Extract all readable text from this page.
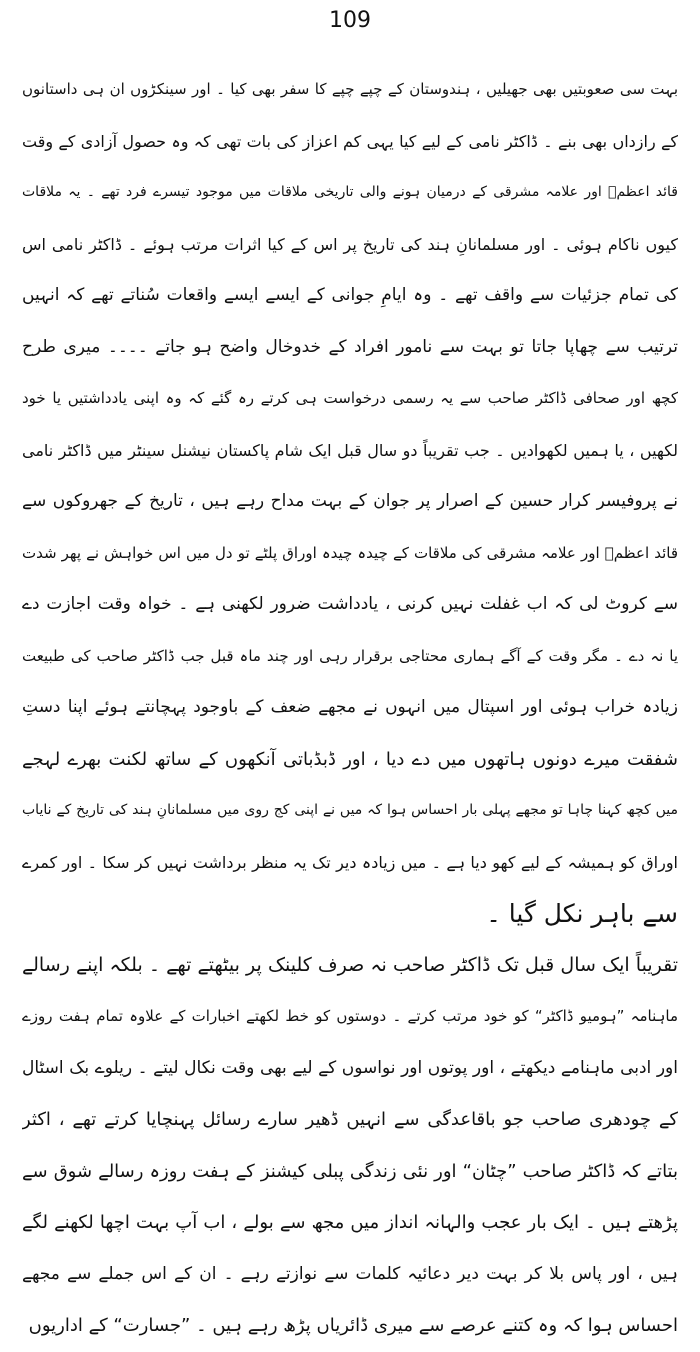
109
بہت سی صعوبتیں بھی جھیلیں ، ہندوستان کے چپے چپے کا سفر بھی کیا ۔ اور سینکڑوں ان ہی داستانوں
کے رازداں بھی بنے ۔ ڈاکٹر نامی کے لیے کیا یہی کم اعزاز کی بات تھی کہ وہ حصول آزادی کے وقت
قائد اعظمؒ اور علامہ مشرقی کے درمیان ہونے والی تاریخی ملاقات میں موجود تیسرے فرد تھے ۔ یہ ملاقات
کیوں ناکام ہوئی ۔ اور مسلمانانِ ہند کی تاریخ پر اس کے کیا اثرات مرتب ہوئے ۔ ڈاکٹر نامی اس
کی تمام جزئیات سے واقف تھے ۔ وہ ایامِ جوانی کے ایسے ایسے واقعات سُناتے تھے کہ انہیں
ترتیب سے چھاپا جاتا تو بہت سے نامور افراد کے خدوخال واضح ہو جاتے ۔۔۔۔ میری طرح
کچھ اور صحافی ڈاکٹر صاحب سے یہ رسمی درخواست ہی کرتے رہ گئے کہ وہ اپنی یادداشتیں یا خود
لکھیں ، یا ہمیں لکھوادیں ۔ جب تقریباً دو سال قبل ایک شام پاکستان نیشنل سینٹر میں ڈاکٹر نامی
نے پروفیسر کرار حسین کے اصرار پر جوان کے بہت مداح رہے ہیں ، تاریخ کے جھروکوں سے
قائد اعظمؒ اور علامہ مشرقی کی ملاقات کے چیدہ چیدہ اوراق پلٹے تو دل میں اس خواہش نے پھر شدت
سے کروٹ لی کہ اب غفلت نہیں کرنی ، یادداشت ضرور لکھنی ہے ۔ خواہ وقت اجازت دے
یا نہ دے ۔ مگر وقت کے آگے ہماری محتاجی برقرار رہی اور چند ماہ قبل جب ڈاکٹر صاحب کی طبیعت
زیادہ خراب ہوئی اور اسپتال میں انہوں نے مجھے ضعف کے باوجود پہچانتے ہوئے اپنا دستِ
شفقت میرے دونوں ہاتھوں میں دے دیا ، اور ڈبڈباتی آنکھوں کے ساتھ لکنت بھرے لہجے
میں کچھ کہنا چاہا تو مجھے پہلی بار احساس ہوا کہ میں نے اپنی کج روی میں مسلمانانِ ہند کی تاریخ کے نایاب
اوراق کو ہمیشہ کے لیے کھو دیا ہے ۔ میں زیادہ دیر تک یہ منظر برداشت نہیں کر سکا ۔ اور کمرے
سے باہر نکل گیا ۔
تقریباً ایک سال قبل تک ڈاکٹر صاحب نہ صرف کلینک پر بیٹھتے تھے ۔ بلکہ اپنے رسالے
ماہنامہ ”ہومیو ڈاکٹر“ کو خود مرتب کرتے ۔ دوستوں کو خط لکھتے اخبارات کے علاوہ تمام ہفت روزے
اور ادبی ماہنامے دیکھتے ، اور پوتوں اور نواسوں کے لیے بھی وقت نکال لیتے ۔ ریلوے بک اسٹال
کے چودھری صاحب جو باقاعدگی سے انہیں ڈھیر سارے رسائل پہنچایا کرتے تھے ، اکثر
بتاتے کہ ڈاکٹر صاحب ”چٹان“ اور نئی زندگی پبلی کیشنز کے ہفت روزہ رسالے شوق سے
پڑھتے ہیں ۔ ایک بار عجب والہانہ انداز میں مجھ سے بولے ، اب آپ بہت اچھا لکھنے لگے
ہیں ، اور پاس بلا کر بہت دیر دعائیہ کلمات سے نوازتے رہے ۔ ان کے اس جملے سے مجھے
احساس ہوا کہ وہ کتنے عرصے سے میری ڈائریاں پڑھ رہے ہیں ۔ ”جسارت“ کے اداریوں
